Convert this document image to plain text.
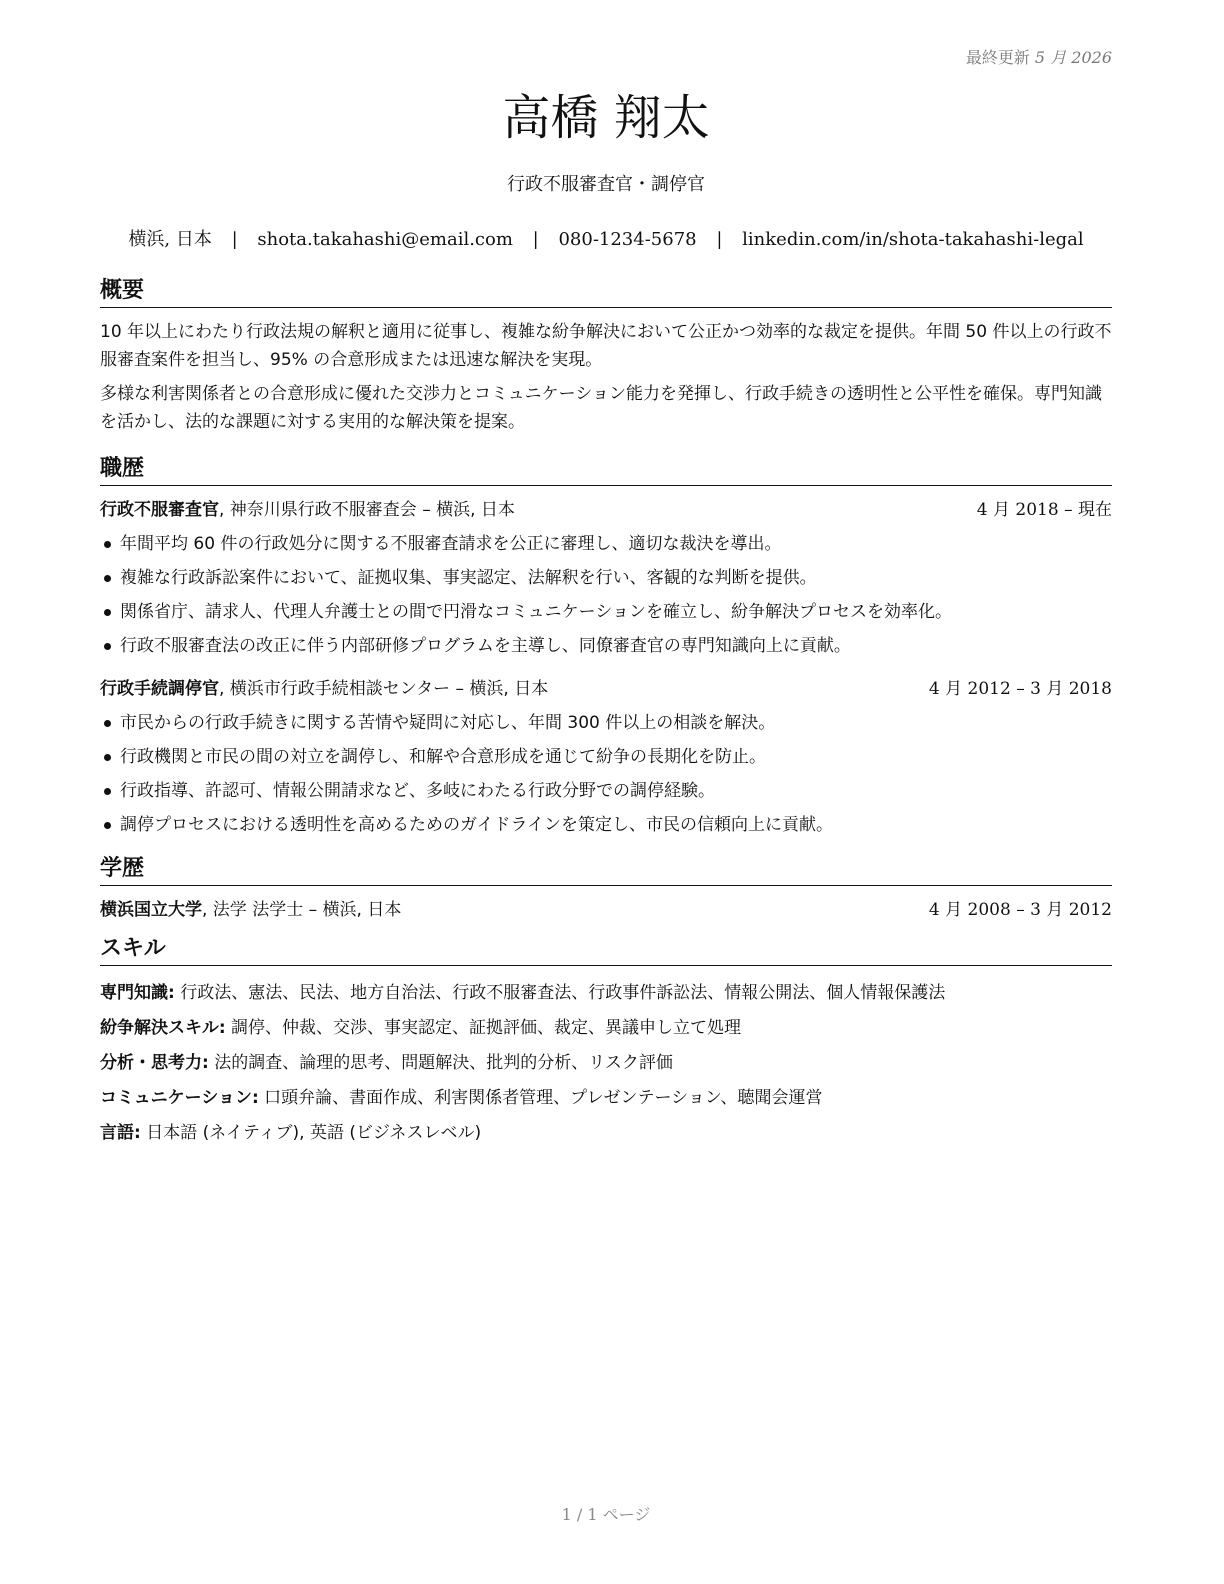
最終更新 5 月 2026
高橋 翔太
行政不服審査官・調停官
横浜, 日本 | shota.takahashi@email.com | 080-1234-5678 | linkedin.com/in/shota-takahashi-legal
概要

10 年以上にわたり行政法規の解釈と適用に従事し、複雑な紛争解決において公正かつ効率的な裁定を提供。年間 50 件以上の行政不服審査案件を担当し、95% の合意形成または迅速な解決を実現。

多様な利害関係者との合意形成に優れた交渉力とコミュニケーション能力を発揮し、行政手続きの透明性と公平性を確保。専門知識を活かし、法的な課題に対する実用的な解決策を提案。

職歴
行政不服審査官, 神奈川県行政不服審査会 – 横浜, 日本	4 月 2018 – 現在
年間平均 60 件の行政処分に関する不服審査請求を公正に審理し、適切な裁決を導出。
複雑な行政訴訟案件において、証拠収集、事実認定、法解釈を行い、客観的な判断を提供。
関係省庁、請求人、代理人弁護士との間で円滑なコミュニケーションを確立し、紛争解決プロセスを効率化。
行政不服審査法の改正に伴う内部研修プログラムを主導し、同僚審査官の専門知識向上に貢献。
行政手続調停官, 横浜市行政手続相談センター – 横浜, 日本	4 月 2012 – 3 月 2018
市民からの行政手続きに関する苦情や疑問に対応し、年間 300 件以上の相談を解決。
行政機関と市民の間の対立を調停し、和解や合意形成を通じて紛争の長期化を防止。
行政指導、許認可、情報公開請求など、多岐にわたる行政分野での調停経験。
調停プロセスにおける透明性を高めるためのガイドラインを策定し、市民の信頼向上に貢献。
学歴
横浜国立大学, 法学 法学士 – 横浜, 日本	4 月 2008 – 3 月 2012
スキル
専門知識: 行政法、憲法、民法、地方自治法、行政不服審査法、行政事件訴訟法、情報公開法、個人情報保護法
紛争解決スキル: 調停、仲裁、交渉、事実認定、証拠評価、裁定、異議申し立て処理
分析・思考力: 法的調査、論理的思考、問題解決、批判的分析、リスク評価
コミュニケーション: 口頭弁論、書面作成、利害関係者管理、プレゼンテーション、聴聞会運営
言語: 日本語 (ネイティブ), 英語 (ビジネスレベル)
1 / 1 ページ
